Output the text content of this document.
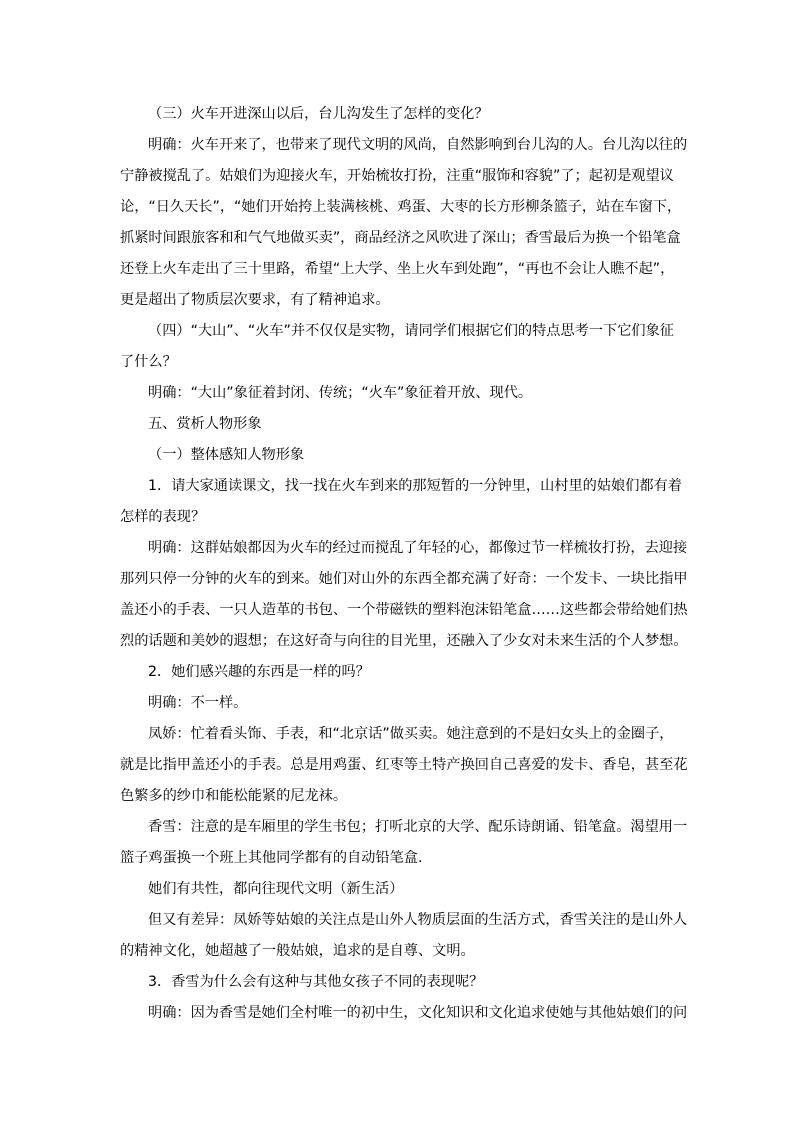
（三）火车开进深山以后，台儿沟发生了怎样的变化？
明确：火车开来了，也带来了现代文明的风尚，自然影响到台儿沟的人。台儿沟以往的
宁静被搅乱了。姑娘们为迎接火车，开始梳妆打扮，注重“服饰和容貌”了；起初是观望议
论，“日久天长”，“她们开始挎上装满核桃、鸡蛋、大枣的长方形柳条篮子，站在车窗下，
抓紧时间跟旅客和和气气地做买卖”，商品经济之风吹进了深山；香雪最后为换一个铅笔盒
还登上火车走出了三十里路，希望“上大学、坐上火车到处跑”，“再也不会让人瞧不起”，
更是超出了物质层次要求，有了精神追求。
（四）“大山”、“火车”并不仅仅是实物，请同学们根据它们的特点思考一下它们象征
了什么？
明确：“大山”象征着封闭、传统；“火车”象征着开放、现代。
五、赏析人物形象
（一）整体感知人物形象
1．请大家通读课文，找一找在火车到来的那短暂的一分钟里，山村里的姑娘们都有着
怎样的表现？
明确：这群姑娘都因为火车的经过而搅乱了年轻的心，都像过节一样梳妆打扮，去迎接
那列只停一分钟的火车的到来。她们对山外的东西全都充满了好奇：一个发卡、一块比指甲
盖还小的手表、一只人造革的书包、一个带磁铁的塑料泡沫铅笔盒……这些都会带给她们热
烈的话题和美妙的遐想；在这好奇与向往的目光里，还融入了少女对未来生活的个人梦想。
2．她们感兴趣的东西是一样的吗？
明确：不一样。
凤娇：忙着看头饰、手表，和“北京话”做买卖。她注意到的不是妇女头上的金圈子，
就是比指甲盖还小的手表。总是用鸡蛋、红枣等土特产换回自己喜爱的发卡、香皂，甚至花
色繁多的纱巾和能松能紧的尼龙袜。
香雪：注意的是车厢里的学生书包；打听北京的大学、配乐诗朗诵、铅笔盒。渴望用一
篮子鸡蛋换一个班上其他同学都有的自动铅笔盒.
她们有共性，都向往现代文明（新生活）
但又有差异：凤娇等姑娘的关注点是山外人物质层面的生活方式，香雪关注的是山外人
的精神文化，她超越了一般姑娘，追求的是自尊、文明。
3．香雪为什么会有这种与其他女孩子不同的表现呢？
明确：因为香雪是她们全村唯一的初中生，文化知识和文化追求使她与其他姑娘们的问
